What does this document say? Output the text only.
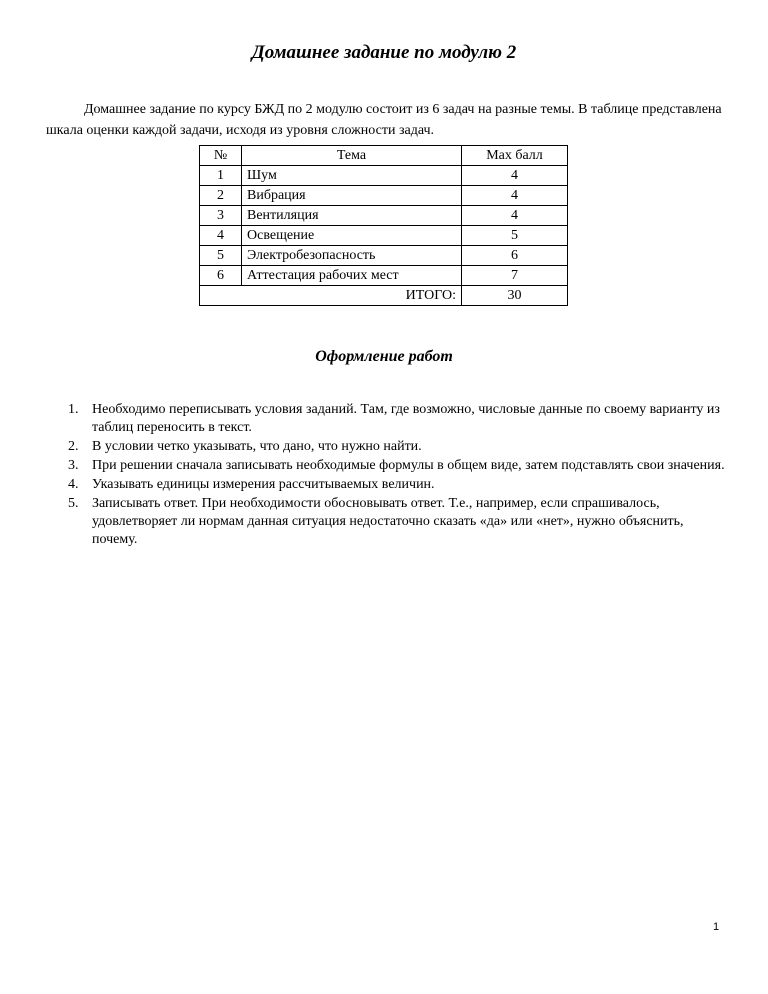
Домашнее задание по модулю 2

Домашнее задание по курсу БЖД по 2 модулю состоит из 6 задач на разные темы. В таблице представлена шкала оценки каждой задачи, исходя из уровня сложности задач.

№	Тема	Max балл
1	Шум	4
2	Вибрация	4
3	Вентиляция	4
4	Освещение	5
5	Электробезопасность	6
6	Аттестация рабочих мест	7
ИТОГО:		30
Оформление работ
1. Необходимо переписывать условия заданий. Там, где возможно, числовые данные по своему варианту из таблиц переносить в текст.
2. В условии четко указывать, что дано, что нужно найти.
3. При решении сначала записывать необходимые формулы в общем виде, затем подставлять свои значения.
4. Указывать единицы измерения рассчитываемых величин.
5. Записывать ответ. При необходимости обосновывать ответ. Т.е., например, если спрашивалось, удовлетворяет ли нормам данная ситуация недостаточно сказать «да» или «нет», нужно объяснить, почему.
1
